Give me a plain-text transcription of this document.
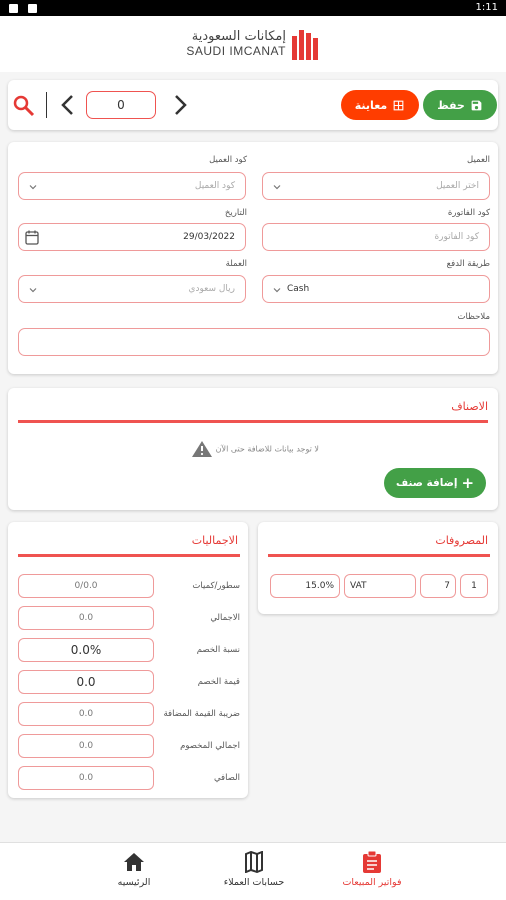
1:11
إمكانات السعودية
SAUDI IMCANAT
حفظ
معاينة
0
العميل
اختر العميل
كود العميل
كود العميل
كود الفاتورة
كود الفاتورة
التاريخ
29/03/2022
طريقة الدفع
Cash
العملة
ريال سعودي
ملاحظات
الاصناف
لا توجد بيانات للاضافة حتى الآن
إضافة صنف +
الاجماليات
سطور/كميات
0/0.0
الاجمالي
0.0
نسبة الخصم
0.0%
قيمة الخصم
0.0
ضريبة القيمة المضافة
0.0
اجمالي المخصوم
0.0
الصافي
0.0
المصروفات
1
7
VAT
15.0%
فواتير المبيعات
حسابات العملاء
الرئيسيه
